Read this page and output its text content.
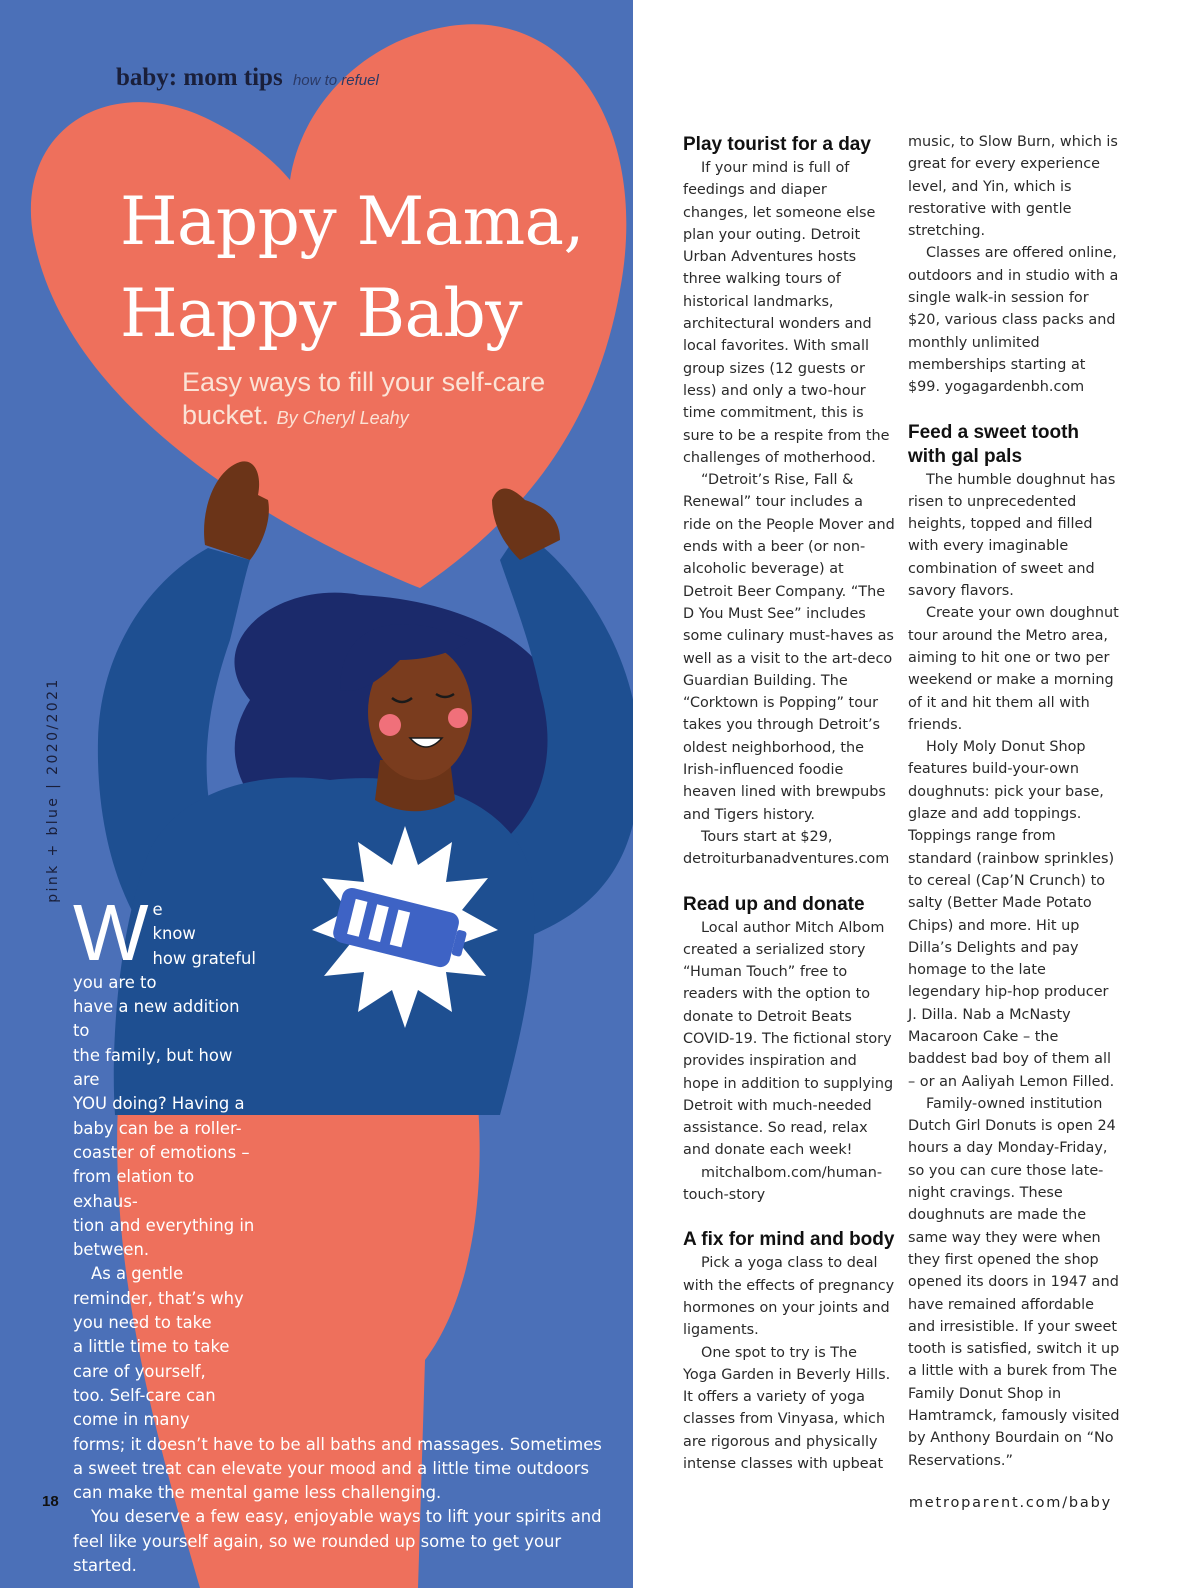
baby: mom tips how to refuel
Happy Mama,
Happy Baby
Easy ways to fill your self-care bucket. By Cheryl Leahy
pink + blue | 2020/2021
W e
know
how grateful you are to
have a new addition to
the family, but how are
YOU doing? Having a
baby can be a roller-
coaster of emotions –
from elation to exhaus-
tion and everything in
between.
As a gentle
reminder, that’s why
you need to take
a little time to take
care of yourself,
too. Self-care can
come in many

forms; it doesn’t have to be all baths and massages. Sometimes a sweet treat can elevate your mood and a little time outdoors can make the mental game less challenging.

You deserve a few easy, enjoyable ways to lift your spirits and feel like yourself again, so we rounded up some to get your started.

18
Play tourist for a day

If your mind is full of feedings and diaper changes, let someone else plan your outing. Detroit Urban Adventures hosts three walking tours of historical landmarks, architectural wonders and local favorites. With small group sizes (12 guests or less) and only a two-hour time commitment, this is sure to be a respite from the challenges of motherhood.

“Detroit’s Rise, Fall & Renewal” tour includes a ride on the People Mover and ends with a beer (or non-alcoholic beverage) at Detroit Beer Company. “The D You Must See” includes some culinary must-haves as well as a visit to the art-deco Guardian Building. The “Corktown is Popping” tour takes you through Detroit’s oldest neighborhood, the Irish-influenced foodie heaven lined with brewpubs and Tigers history.

Tours start at $29, detroiturbanadventures.com

Read up and donate

Local author Mitch Albom created a serialized story “Human Touch” free to readers with the option to donate to Detroit Beats COVID-19. The fictional story provides inspiration and hope in addition to supplying Detroit with much-needed assistance. So read, relax and donate each week!

mitchalbom.com/human-touch-story

A fix for mind and body

Pick a yoga class to deal with the effects of pregnancy hormones on your joints and ligaments.

One spot to try is The Yoga Garden in Beverly Hills. It offers a variety of yoga classes from Vinyasa, which are rigorous and physically intense classes with upbeat

music, to Slow Burn, which is great for every experience level, and Yin, which is restorative with gentle stretching.

Classes are offered online, outdoors and in studio with a single walk-in session for $20, various class packs and monthly unlimited memberships starting at $99. yogagardenbh.com

Feed a sweet tooth with gal pals

The humble doughnut has risen to unprecedented heights, topped and filled with every imaginable combination of sweet and savory flavors.

Create your own doughnut tour around the Metro area, aiming to hit one or two per weekend or make a morning of it and hit them all with friends.

Holy Moly Donut Shop features build-your-own doughnuts: pick your base, glaze and add toppings. Toppings range from standard (rainbow sprinkles) to cereal (Cap’N Crunch) to salty (Better Made Potato Chips) and more. Hit up Dilla’s Delights and pay homage to the late legendary hip-hop producer J. Dilla. Nab a McNasty Macaroon Cake – the baddest bad boy of them all – or an Aaliyah Lemon Filled.

Family-owned institution Dutch Girl Donuts is open 24 hours a day Monday-Friday, so you can cure those late-night cravings. These doughnuts are made the same way they were when they first opened the shop opened its doors in 1947 and have remained affordable and irresistible. If your sweet tooth is satisfied, switch it up a little with a burek from The Family Donut Shop in Hamtramck, famously visited by Anthony Bourdain on “No Reservations.”

metroparent.com/baby
